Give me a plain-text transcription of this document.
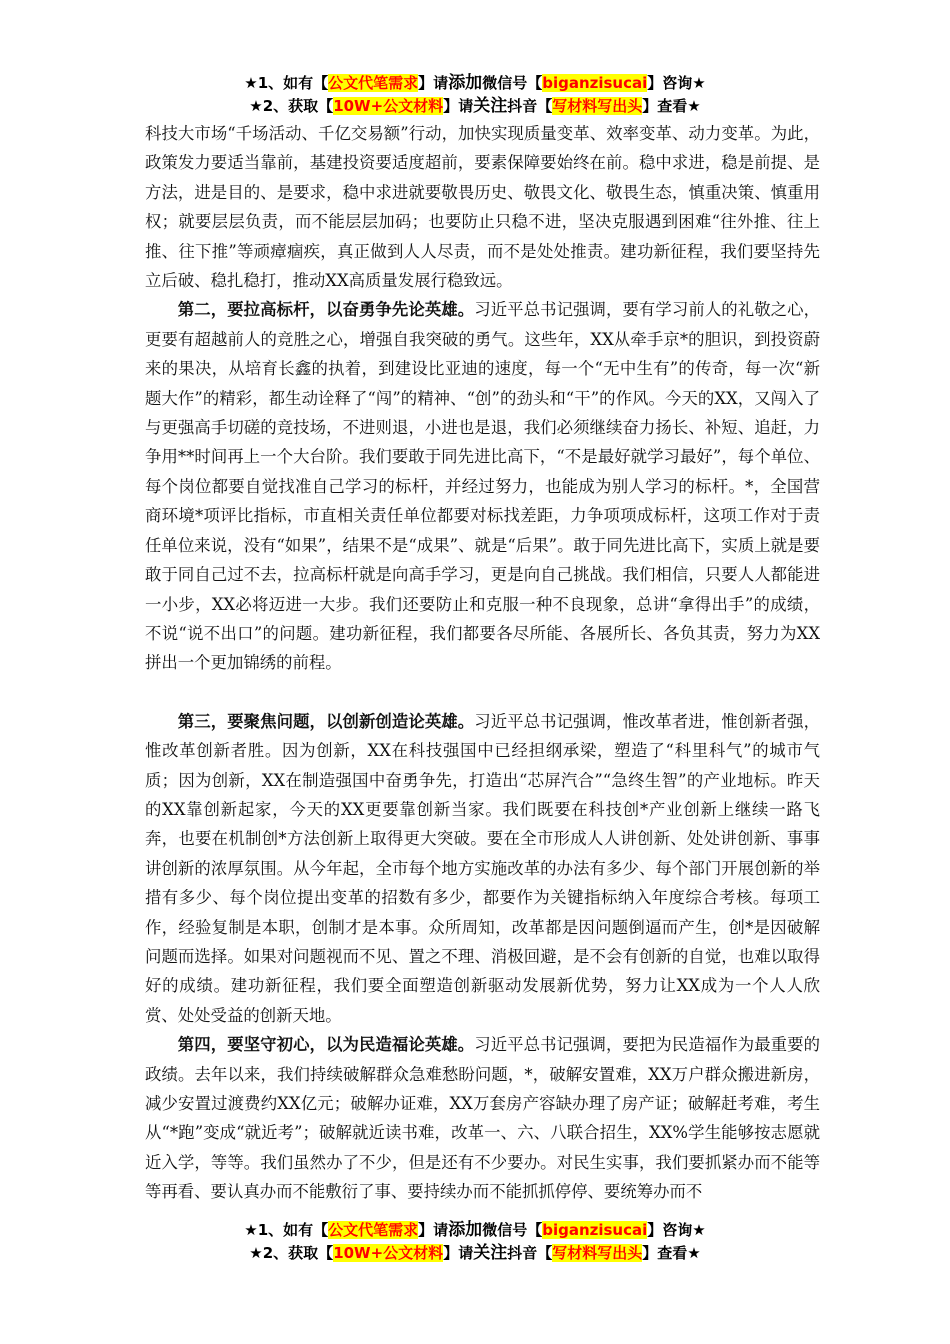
★1、如有【公文代笔需求】请添加微信号【biganzisucai】咨询★
★2、获取【10W+公文材料】请关注抖音【写材料写出头】查看★

科技大市场“千场活动、千亿交易额”行动，加快实现质量变革、效率变革、动力变革。为此，政策发力要适当靠前，基建投资要适度超前，要素保障要始终在前。稳中求进，稳是前提、是方法，进是目的、是要求，稳中求进就要敬畏历史、敬畏文化、敬畏生态，慎重决策、慎重用权；就要层层负责，而不能层层加码；也要防止只稳不进，坚决克服遇到困难“往外推、往上推、往下推”等顽瘴痼疾，真正做到人人尽责，而不是处处推责。建功新征程，我们要坚持先立后破、稳扎稳打，推动XX高质量发展行稳致远。

第二，要拉高标杆，以奋勇争先论英雄。习近平总书记强调，要有学习前人的礼敬之心，更要有超越前人的竞胜之心，增强自我突破的勇气。这些年，XX从牵手京*的胆识，到投资蔚来的果决，从培育长鑫的执着，到建设比亚迪的速度，每一个“无中生有”的传奇，每一次“新题大作”的精彩，都生动诠释了“闯”的精神、“创”的劲头和“干”的作风。今天的XX，又闯入了与更强高手切磋的竞技场，不进则退，小进也是退，我们必须继续奋力扬长、补短、追赶，力争用**时间再上一个大台阶。我们要敢于同先进比高下，“不是最好就学习最好”，每个单位、每个岗位都要自觉找准自己学习的标杆，并经过努力，也能成为别人学习的标杆。*，全国营商环境*项评比指标，市直相关责任单位都要对标找差距，力争项项成标杆，这项工作对于责任单位来说，没有“如果”，结果不是“成果”、就是“后果”。敢于同先进比高下，实质上就是要敢于同自己过不去，拉高标杆就是向高手学习，更是向自己挑战。我们相信，只要人人都能进一小步，XX必将迈进一大步。我们还要防止和克服一种不良现象，总讲“拿得出手”的成绩，不说“说不出口”的问题。建功新征程，我们都要各尽所能、各展所长、各负其责，努力为XX拼出一个更加锦绣的前程。

第三，要聚焦问题，以创新创造论英雄。习近平总书记强调，惟改革者进，惟创新者强，惟改革创新者胜。因为创新，XX在科技强国中已经担纲承梁，塑造了“科里科气”的城市气质；因为创新，XX在制造强国中奋勇争先，打造出“芯屏汽合”“急终生智”的产业地标。昨天的XX靠创新起家，今天的XX更要靠创新当家。我们既要在科技创*产业创新上继续一路飞奔，也要在机制创*方法创新上取得更大突破。要在全市形成人人讲创新、处处讲创新、事事讲创新的浓厚氛围。从今年起，全市每个地方实施改革的办法有多少、每个部门开展创新的举措有多少、每个岗位提出变革的招数有多少，都要作为关键指标纳入年度综合考核。每项工作，经验复制是本职，创制才是本事。众所周知，改革都是因问题倒逼而产生，创*是因破解问题而选择。如果对问题视而不见、置之不理、消极回避，是不会有创新的自觉，也难以取得好的成绩。建功新征程，我们要全面塑造创新驱动发展新优势，努力让XX成为一个人人欣赏、处处受益的创新天地。

第四，要坚守初心，以为民造福论英雄。习近平总书记强调，要把为民造福作为最重要的政绩。去年以来，我们持续破解群众急难愁盼问题，*，破解安置难，XX万户群众搬进新房，减少安置过渡费约XX亿元；破解办证难，XX万套房产容缺办理了房产证；破解赶考难，考生从“*跑”变成“就近考”；破解就近读书难，改革一、六、八联合招生，XX%学生能够按志愿就近入学，等等。我们虽然办了不少，但是还有不少要办。对民生实事，我们要抓紧办而不能等等再看、要认真办而不能敷衍了事、要持续办而不能抓抓停停、要统筹办而不

★1、如有【公文代笔需求】请添加微信号【biganzisucai】咨询★
★2、获取【10W+公文材料】请关注抖音【写材料写出头】查看★
